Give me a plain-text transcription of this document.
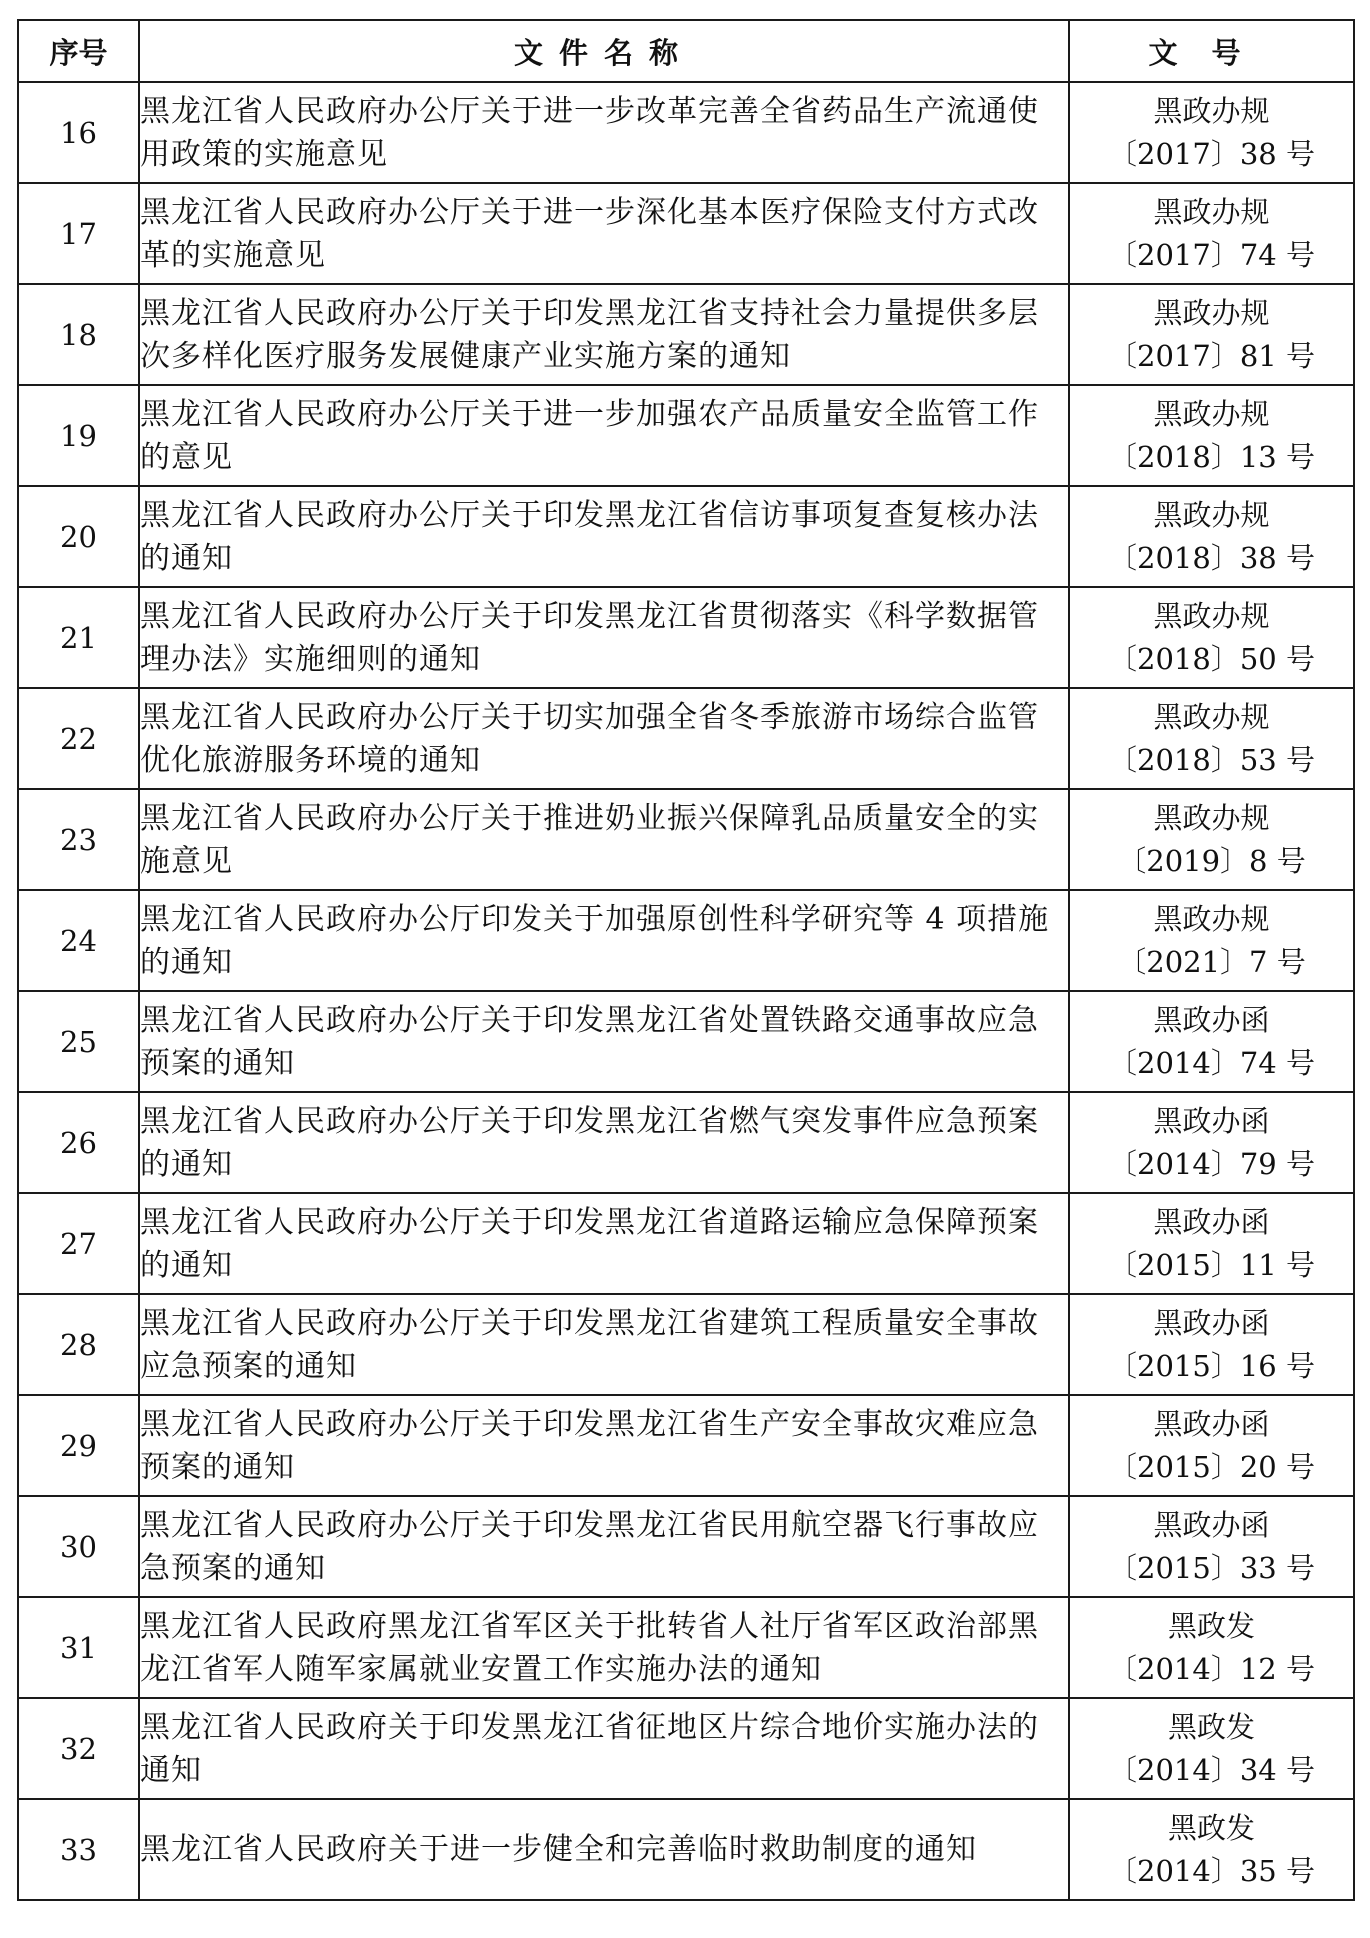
序号	文件名称	文号
16	黑龙江省人民政府办公厅关于进一步改革完善全省药品生产流通使用政策的实施意见	黑政办规
〔2017〕38 号

17	黑龙江省人民政府办公厅关于进一步深化基本医疗保险支付方式改革的实施意见	黑政办规
〔2017〕74 号

18	黑龙江省人民政府办公厅关于印发黑龙江省支持社会力量提供多层次多样化医疗服务发展健康产业实施方案的通知	黑政办规
〔2017〕81 号

19	黑龙江省人民政府办公厅关于进一步加强农产品质量安全监管工作的意见	黑政办规
〔2018〕13 号

20	黑龙江省人民政府办公厅关于印发黑龙江省信访事项复查复核办法的通知	黑政办规
〔2018〕38 号

21	黑龙江省人民政府办公厅关于印发黑龙江省贯彻落实《科学数据管理办法》实施细则的通知	黑政办规
〔2018〕50 号

22	黑龙江省人民政府办公厅关于切实加强全省冬季旅游市场综合监管优化旅游服务环境的通知	黑政办规
〔2018〕53 号

23	黑龙江省人民政府办公厅关于推进奶业振兴保障乳品质量安全的实施意见	黑政办规
〔2019〕8 号

24	黑龙江省人民政府办公厅印发关于加强原创性科学研究等 4 项措施的通知	黑政办规
〔2021〕7 号

25	黑龙江省人民政府办公厅关于印发黑龙江省处置铁路交通事故应急预案的通知	黑政办函
〔2014〕74 号

26	黑龙江省人民政府办公厅关于印发黑龙江省燃气突发事件应急预案的通知	黑政办函
〔2014〕79 号

27	黑龙江省人民政府办公厅关于印发黑龙江省道路运输应急保障预案的通知	黑政办函
〔2015〕11 号

28	黑龙江省人民政府办公厅关于印发黑龙江省建筑工程质量安全事故应急预案的通知	黑政办函
〔2015〕16 号

29	黑龙江省人民政府办公厅关于印发黑龙江省生产安全事故灾难应急预案的通知	黑政办函
〔2015〕20 号

30	黑龙江省人民政府办公厅关于印发黑龙江省民用航空器飞行事故应急预案的通知	黑政办函
〔2015〕33 号

31	黑龙江省人民政府黑龙江省军区关于批转省人社厅省军区政治部黑龙江省军人随军家属就业安置工作实施办法的通知	黑政发
〔2014〕12 号

32	黑龙江省人民政府关于印发黑龙江省征地区片综合地价实施办法的通知	黑政发
〔2014〕34 号

33	黑龙江省人民政府关于进一步健全和完善临时救助制度的通知	黑政发
〔2014〕35 号
